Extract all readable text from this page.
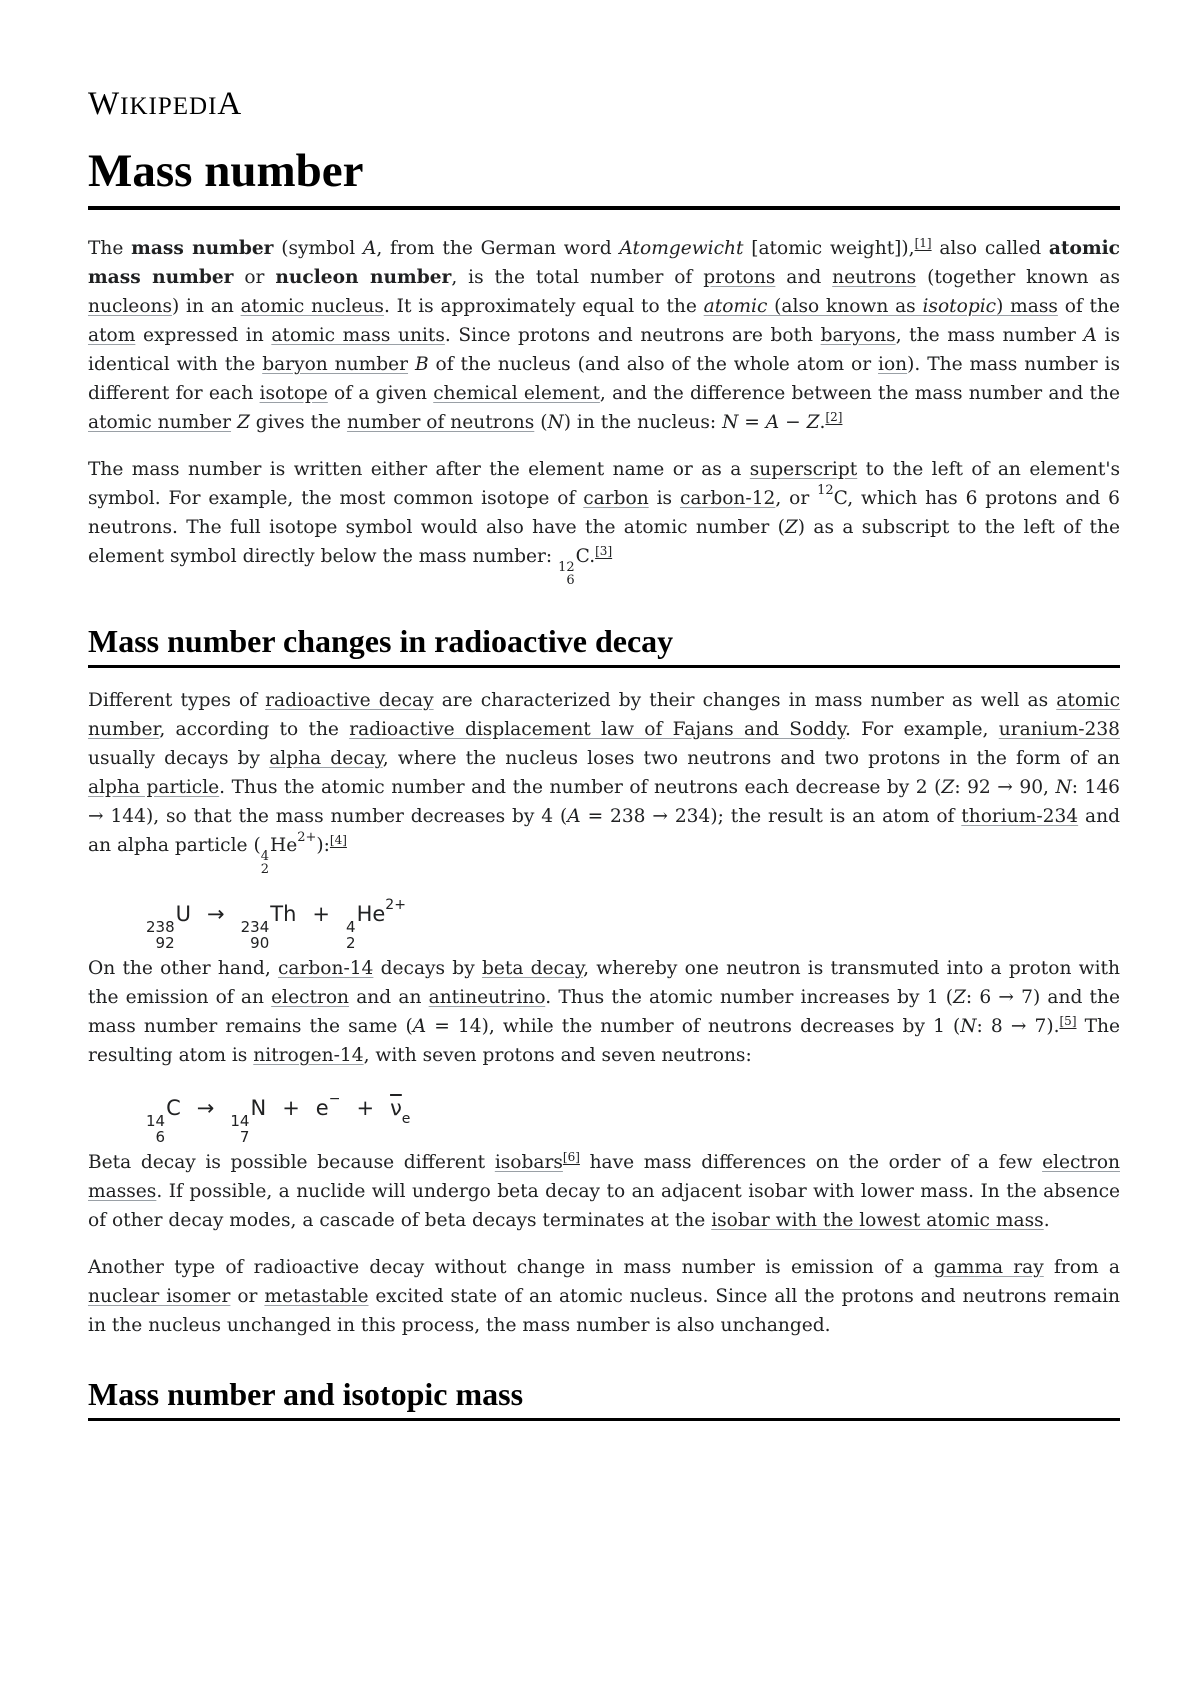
WIKIPEDIA
Mass number

The mass number (symbol A, from the German word Atomgewicht [atomic weight]),[1] also called atomic mass number or nucleon number, is the total number of protons and neutrons (together known as nucleons) in an atomic nucleus. It is approximately equal to the atomic (also known as isotopic) mass of the atom expressed in atomic mass units. Since protons and neutrons are both baryons, the mass number A is identical with the baryon number B of the nucleus (and also of the whole atom or ion). The mass number is different for each isotope of a given chemical element, and the difference between the mass number and the atomic number Z gives the number of neutrons (N) in the nucleus: N = A − Z.[2]

The mass number is written either after the element name or as a superscript to the left of an element's symbol. For example, the most common isotope of carbon is carbon-12, or $^{12}$C, which has 6 protons and 6 neutrons. The full isotope symbol would also have the atomic number (Z) as a subscript to the left of the element symbol directly below the mass number:
12
6
C.[3]

Mass number changes in radioactive decay

Different types of radioactive decay are characterized by their changes in mass number as well as atomic number, according to the radioactive displacement law of Fajans and Soddy. For example, uranium-238 usually decays by alpha decay, where the nucleus loses two neutrons and two protons in the form of an alpha particle. Thus the atomic number and the number of neutrons each decrease by 2 (Z: 92 → 90, N: 146 → 144), so that the mass number decreases by 4 (A = 238 → 234); the result is an atom of thorium-234 and an alpha particle (
4
2
$He^{2+}):[4]$

238
92
U →
234
90
Th +
4
2
$He^{2+}$

On the other hand, carbon-14 decays by beta decay, whereby one neutron is transmuted into a proton with the emission of an electron and an antineutrino. Thus the atomic number increases by 1 (Z: 6 → 7) and the mass number remains the same (A = 14), while the number of neutrons decreases by 1 (N: 8 → 7).[5] The resulting atom is nitrogen-14, with seven protons and seven neutrons:

14
6
C →
14
7
$N + e^- + \overline{\nu}_e$

Beta decay is possible because different isobars[6] have mass differences on the order of a few electron masses. If possible, a nuclide will undergo beta decay to an adjacent isobar with lower mass. In the absence of other decay modes, a cascade of beta decays terminates at the isobar with the lowest atomic mass.

Another type of radioactive decay without change in mass number is emission of a gamma ray from a nuclear isomer or metastable excited state of an atomic nucleus. Since all the protons and neutrons remain in the nucleus unchanged in this process, the mass number is also unchanged.

Mass number and isotopic mass
